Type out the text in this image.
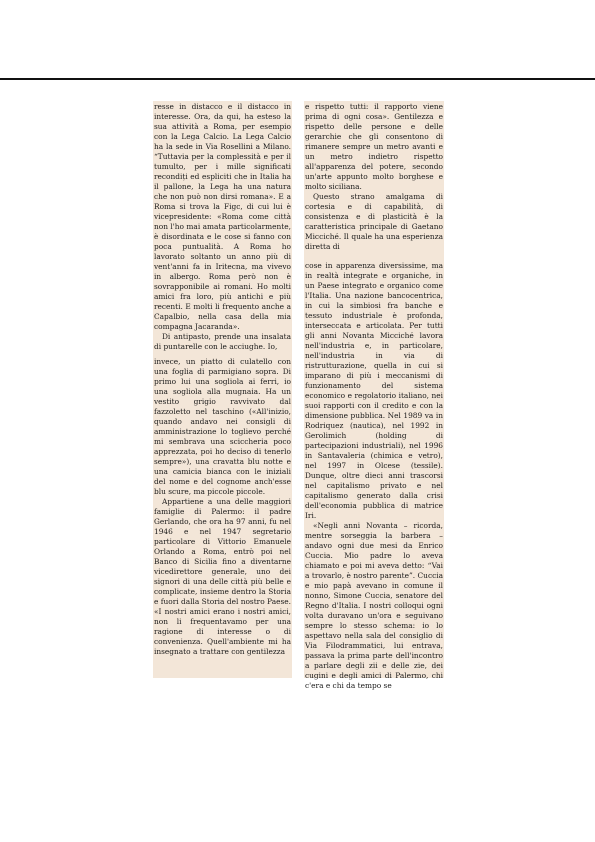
resse in distacco e il distacco in interesse. Ora, da qui, ha esteso la sua attività a Roma, per esempio con la Lega Calcio. La Lega Calcio ha la sede in Via Rosellini a Milano. “Tuttavia per la complessità e per il tumulto, per i mille significati recondiți ed espliciti che in Italia ha il pallone, la Lega ha una natura che non può non dirsi romana». E a Roma si trova la Figc, di cui lui è vicepresidente: «Roma come città non l'ho mai amata particolarmente, è disordinata e le cose si fanno con poca puntualità. A Roma ho lavorato soltanto un anno più di vent'anni fa in Iritecna, ma vivevo in albergo. Roma però non è sovrapponibile ai romani. Ho molti amici fra loro, più antichi e più recenti. E molti li frequento anche a Capalbio, nella casa della mia compagna Jacaranda».

Di antipasto, prende una insalata di puntarelle con le acciughe. Io,

invece, un piatto di culatello con una foglia di parmigiano sopra. Di primo lui una sogliola ai ferri, io una sogliola alla mugnaia. Ha un vestito grigio ravvivato dal fazzoletto nel taschino («All'inizio, quando andavo nei consigli di amministrazione lo toglievo perché mi sembrava una sciccheria poco apprezzata, poi ho deciso di tenerlo sempre»), una cravatta blu notte e una camicia bianca con le iniziali del nome e del cognome anch'esse blu scure, ma piccole piccole.

Appartiene a una delle maggiori famiglie di Palermo: il padre Gerlando, che ora ha 97 anni, fu nel 1946 e nel 1947 segretario particolare di Vittorio Emanuele Orlando a Roma, entrò poi nel Banco di Sicilia fino a diventarne vicedirettore generale, uno dei signori di una delle città più belle e complicate, insieme dentro la Storia e fuori dalla Storia del nostro Paese. «I nostri amici erano i nostri amici, non li frequentavamo per una ragione di interesse o di convenienza. Quell'ambiente mi ha insegnato a trattare con gentilezza

e rispetto tutti: il rapporto viene prima di ogni cosa». Gentilezza e rispetto delle persone e delle gerarchie che gli consentono di rimanere sempre un metro avanti e un metro indietro rispetto all'apparenza del potere, secondo un'arte appunto molto borghese e molto siciliana.

Questo strano amalgama di cortesia e di capabilità, di consistenza e di plasticità è la caratteristica principale di Gaetano Micciché. Il quale ha una esperienza diretta di

cose in apparenza diversissime, ma in realtà integrate e organiche, in un Paese integrato e organico come l'Italia. Una nazione bancocentrica, in cui la simbiosi fra banche e tessuto industriale è profonda, interseccata e articolata. Per tutti gli anni Novanta Micciché lavora nell'industria e, in particolare, nell'industria in via di ristrutturazione, quella in cui si imparano di più i meccanismi di funzionamento del sistema economico e regolatorio italiano, nei suoi rapporti con il credito e con la dimensione pubblica. Nel 1989 va in Rodriquez (nautica), nel 1992 in Gerolimich (holding di partecipazioni industriali), nel 1996 in Santavaleria (chimica e vetro), nel 1997 in Olcese (tessile). Dunque, oltre dieci anni trascorsi nel capitalismo privato e nel capitalismo generato dalla crisi dell'economia pubblica di matrice Iri.

«Negli anni Novanta – ricorda, mentre sorseggia la barbera – andavo ogni due mesi da Enrico Cuccia. Mio padre lo aveva chiamato e poi mi aveva detto: “Vai a trovarlo, è nostro parente”. Cuccia e mio papà avevano in comune il nonno, Simone Cuccia, senatore del Regno d'Italia. I nostri colloqui ogni volta duravano un'ora e seguivano sempre lo stesso schema: io lo aspettavo nella sala del consiglio di Via Filodrammatici, lui entrava, passava la prima parte dell'incontro a parlare degli zii e delle zie, dei cugini e degli amici di Palermo, chi c'era e chi da tempo se
